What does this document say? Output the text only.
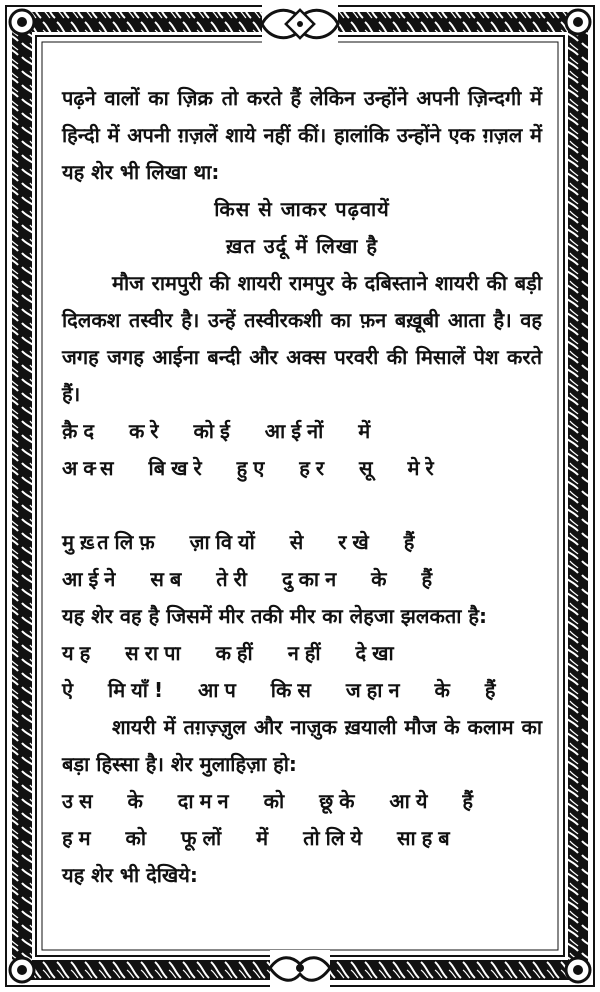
पढ़ने वालों का ज़िक्र तो करते हैं लेकिन उन्होंने अपनी ज़िन्दगी में हिन्दी में अपनी ग़ज़लें शाये नहीं कीं। हालांकि उन्होंने एक ग़ज़ल में यह शेर भी लिखा था:

किस से जाकर पढ़वायें

ख़त उर्दू में लिखा है

मौज रामपुरी की शायरी रामपुर के दबिस्ताने शायरी की बड़ी दिलकश तस्वीर है। उन्हें तस्वीरकशी का फ़न बख़ूबी आता है। वह जगह जगह आईना बन्दी और अक्स परवरी की मिसालें पेश करते हैं।

क़ैद करे कोई आईनों में

अक्स बिखरे हुए हर सू मेरे

मुख़्तलिफ़ ज़ावियों से रखे हैं

आईने सब तेरी दुकान के हैं

यह शेर वह है जिसमें मीर तकी मीर का लेहजा झलकता है:

यह सरापा कहीं नहीं देखा

ऐ मियाँ! आप किस जहान के हैं

शायरी में तग़ज़्ज़ुल और नाज़ुक ख़याली मौज के कलाम का बड़ा हिस्सा है। शेर मुलाहिज़ा हो:

उस के दामन को छूके आये हैं

हम को फूलों में तोलिये साहब

यह शेर भी देखिये:
